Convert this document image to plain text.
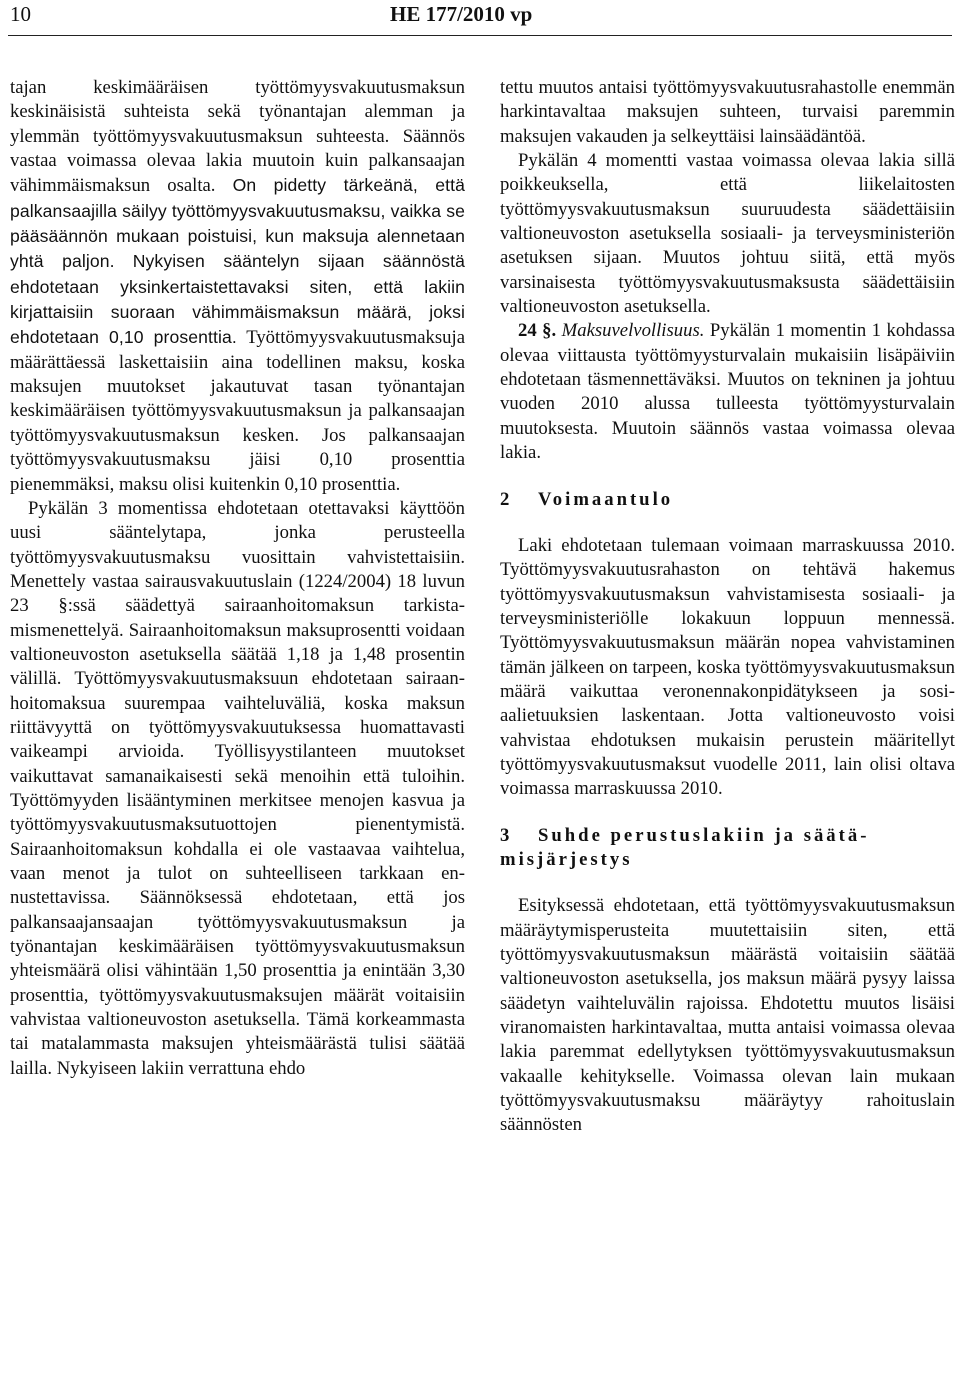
10	HE 177/2010 vp

tajan keskimääräisen työttömyysvakuutusmaksun keskinäisistä suhteista sekä työnantajan alemman ja ylemmän työttömyysvakuutusmaksun suhteesta. Säännös vastaa voimassa olevaa lakia muutoin kuin palkansaajan vähimmäismaksun osalta. On pidetty tärkeänä, että palkansaajilla säilyy työttömyysvakuutusmaksu, vaikka se pääsäännön mukaan poistuisi, kun maksuja alennetaan yhtä paljon. Nykyisen sääntelyn sijaan säännöstä ehdotetaan yksinkertaistettavaksi siten, että lakiin kirjattaisiin suoraan vähimmäismaksun määrä, joksi ehdotetaan 0,10 prosenttia. Työttömyysvakuutusmaksuja määrättäessä laskettaisiin aina todellinen maksu, koska maksujen muutokset jakautuvat tasan työnantajan keskimääräisen työttömyysvakuutusmaksun ja palkansaajan työttömyysvakuutusmaksun kesken. Jos palkansaajan työttömyysvakuutusmaksu jäisi 0,10 prosenttia pienemmäksi, maksu olisi kuitenkin 0,10 prosenttia.

Pykälän 3 momentissa ehdotetaan otettavaksi käyttöön uusi sääntelytapa, jonka perusteella työttömyysvakuutusmaksu vuosittain vahvistettaisiin. Menettely vastaa sairausvakuutuslain (1224/2004) 18 luvun 23 §:ssä säädettyä sairaanhoitomaksun tarkistamismenettelyä. Sairaanhoitomaksun maksuprosentti voidaan valtioneuvoston asetuksella säätää 1,18 ja 1,48 prosentin välillä. Työttömyysvakuutusmaksuun ehdotetaan sairaanhoitomaksua suurempaa vaihteluväliä, koska maksun riittävyyttä on työttömyysvakuutuksessa huomattavasti vaikeampi arvioida. Työllisyystilanteen muutokset vaikuttavat samanaikaisesti sekä menoihin että tuloihin. Työttömyyden lisääntyminen merkitsee menojen kasvua ja työttömyysvakuutusmaksutuottojen pienentymistä. Sairaanhoitomaksun kohdalla ei ole vastaavaa vaihtelua, vaan menot ja tulot on suhteelliseen tarkkaan ennustettavissa. Säännöksessä ehdotetaan, että jos palkansaajansaajan työttömyysvakuutusmaksun ja työnantajan keskimääräisen työttömyysvakuutusmaksun yhteismäärä olisi vähintään 1,50 prosenttia ja enintään 3,30 prosenttia, työttömyysvakuutusmaksujen määrät voitaisiin vahvistaa valtioneuvoston asetuksella. Tämä korkeammasta tai matalammasta maksujen yhteismäärästä tulisi säätää lailla. Nykyiseen lakiin verrattuna ehdo

tettu muutos antaisi työttömyysvakuutusrahastolle enemmän harkintavaltaa maksujen suhteen, turvaisi paremmin maksujen vakauden ja selkeyttäisi lainsäädäntöä.

Pykälän 4 momentti vastaa voimassa olevaa lakia sillä poikkeuksella, että liikelaitosten työttömyysvakuutusmaksun suuruudesta säädettäisiin valtioneuvoston asetuksella sosiaali- ja terveysministeriön asetuksen sijaan. Muutos johtuu siitä, että myös varsinaisesta työttömyysvakuutusmaksusta säädettäisiin valtioneuvoston asetuksella.

24 §. Maksuvelvollisuus. Pykälän 1 momentin 1 kohdassa olevaa viittausta työttömyysturvalain mukaisiin lisäpäiviin ehdotetaan täsmennettäväksi. Muutos on tekninen ja johtuu vuoden 2010 alussa tulleesta työttömyysturvalain muutoksesta. Muutoin säännös vastaa voimassa olevaa lakia.

2 Voimaantulo

Laki ehdotetaan tulemaan voimaan marraskuussa 2010. Työttömyysvakuutusrahaston on tehtävä hakemus työttömyysvakuutusmaksun vahvistamisesta sosiaali- ja terveysministeriölle lokakuun loppuun mennessä. Työttömyysvakuutusmaksun määrän nopea vahvistaminen tämän jälkeen on tarpeen, koska työttömyysvakuutusmaksun määrä vaikuttaa veronennakonpidätykseen ja sosiaalietuuksien laskentaan. Jotta valtioneuvosto voisi vahvistaa ehdotuksen mukaisin perustein määritellyt työttömyysvakuutusmaksut vuodelle 2011, lain olisi oltava voimassa marraskuussa 2010.

3 Suhde perustuslakiin ja säätämisjärjestys

Esityksessä ehdotetaan, että työttömyysvakuutusmaksun määräytymisperusteita muutettaisiin siten, että työttömyysvakuutusmaksun määrästä voitaisiin säätää valtioneuvoston asetuksella, jos maksun määrä pysyy laissa säädetyn vaihteluvälin rajoissa. Ehdotettu muutos lisäisi viranomaisten harkintavaltaa, mutta antaisi voimassa olevaa lakia paremmat edellytyksen työttömyysvakuutusmaksun vakaalle kehitykselle. Voimassa olevan lain mukaan työttömyysvakuutusmaksu määräytyy rahoituslain säännösten
